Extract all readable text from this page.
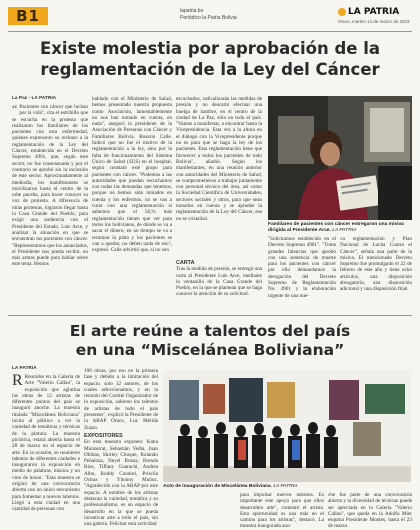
B1	lapatria.bo
Periódico la Patria Bolivia
LA PATRIA
Oruro, martes 14 de marzo de 2023
Existe molestia por aprobación de la
reglamentación de la Ley del Cáncer
La Paz - LA PATRIA
“ Pacientes con cáncer que luchan por la vida", cita el estribillo que se escucha en la protesta que realizaron los familiares de los pacientes con esta enfermedad, quienes expresaron su rechazo a la reglamentación de la Ley del Cáncer, establecida en el Decreto Supremo 4901, que, según este sector, no fue consensuado y por el contrario se aprobó sin la inclusión de este sector. Aproximadamente al mediodía, los manifestantes se movilizaron hasta el centro de la urbe paceña, para hacer conocer su voz de protesta. A diferencia de otras protestas, lograron llegar hasta la Casa Grande del Pueblo, para exigir una audiencia con el Presidente del Estado, Luis Arce, y analizar la situación en que se encuentran los pacientes con cáncer. "Representamos que los anunciados, el Presidente nos pueda recibir, en más armas puede para hablar sobre este tema. Hemos
hablado con el Ministerio de Salud, hemos presentado nuestra propuesta como Asociación, lamentablemente no nos han tomado en cuenta, en nada", aseguró la presidente de la Asociación de Personas con Cáncer y Familiares Bolivia, Rosario Calle. Indicó que no fue el motivo de la reglamentación a la ley, sino por la falta de funcionamiento del Sistema Único de Salud (SUS) en el hospital, según constató este grupo para pacientes con cáncer. "Podemos a las autoridades que puedan escucharnos con todas las demandas que tenemos, porque no hemos sido tomados en cuenta y los enfermos, no se van a curar con una reglamentación si sabemos que el 56,% más reglamentación tienen que ver para todos los bolivianos, de dónde se va a sacar el dinero, en un tiempo se va a terminar la plata y los pacientes se van a quedar, no deben nada de eso", expresó. Calle advirtió que, si no son
escuchados, radicalizarán las medidas de presión y no descartó efectuar una huelga de hambre, en el centro de la ciudad de La Paz, sitio en todo el país. "Vamos a manifestar, a encontrar hasta la Vicepresidencia. Esta vez a la altura en el diálogo con la Vicepresidente porque no es para que se haga la ley de los pacientes. Esta reglamentación tiene que favorecer a todos los pacientes de todo Bolivia", añadió. Según los manifestantes, en una reunión anterior con autoridades del Ministerio de Salud, se comprometieron a trabajar juntamente con personal técnico del área, así como la Sociedad Científica de Universidades, sectores sociales y otros, para que sean tomados en cuenta y se apruebe la reglamentación de la Ley del Cáncer, ese no se cristalizó.
CARTA
Tras la medida de presión, se entregó una carta al Presidente Luis Arce, mediante la ventanilla de la Casa Grande del Pueblo, en la que se plantean que se haga conocer la atención de su solicitud.
Familiares de pacientes con cáncer entregaron una misiva dirigida al Presidente Arce. LA PATRIA
"Solicitamos establecido en el Decreto Supremo 4901". "Tome grandes falencias que aprobó con una sentencia de muerte para los pacientes con cáncer por ello demandamos la derogación del Decreto Supremo de Reglamentación No. 4901 y la elaboración urgente de una nue-
va reglamentación y Plan Nacional de Lucha Contra el Cáncer", señala una parte de la misiva. El mencionado Decreto Supremo fue promulgado el 22 de febrero de este año y tiene ocho artículos, una disposición abrogatoria, una disposición adicional y una disposición final.
El arte reúne a talentos del país
en una “Miscelánea Boliviana”
LA PATRIA
R Reunidos en la Galería de Arte "Valerio Callau", la exposición que aglutina las obras de 12 artistas de diferentes puntos del país se inauguró anoche. La muestra titulada "Miscelánea Boliviana" invita al público a ver la variedad de temáticas y técnicas de la pintura. La muestra pictórica, estará abierta hasta el 28 de marzo en el espacio de arte. En la ocasión, se reunieron talentos de diferentes ciudades e inauguraron la exposición en medio de palabras, música y un vino de honor. "Esta muestra se originó de una convocatoria abierta con un único mecanismo para fomentar a nuevos talentos. Llegó a esta ciudad en una cantidad de personas con
100 obras, por eso en la primera fase y debido a la limitación del espacio, solo 12 autores, de los cuales seleccionamos, y en la reunión del Comité Organizador de la exposición, salieron los talentos de artistas de todo el país presentes", explicó la Presidente de la ABAP Oruro, Luz Mérida Zuazo.
EXPOSITORES
En esta muestra exponen: Katia Monzerrat, Sebastián Vedia, Juan Oblitas, Shirley Choque, Rolando Peñaloza, Neyel Bonay, Brenda Ríos, Tiffany Guarachi, Andrea Albo, Roddy Condori, Priscila Ochoa y Yhonny Muñoz. "Agradecido con la ABAP por este espacio. A nombre de los artistas destacan la variedad, temática y su profesionalismo, es un espacio de desarrollo en la que se pueda incentivar arte a todo el país, sin una galería. Felicitar esta actividad
Acto de inauguración de Miscelánea Boliviana. LA PATRIA
para impulsar nuevos talentos. Es importante este apoyo para que ellos desarrollen arte", comentó el artista. Esta oportunidad es una más en el camino para los artistas", destacó. La muestra inaugurada ano-
che fue parte de una convocatoria abierta y la diversidad de técnicas puede ser apreciada en la Galería "Valerio Callau", que queda en la Adolfo Mier esquina Presidente Montes, hasta el 23 de marzo.
